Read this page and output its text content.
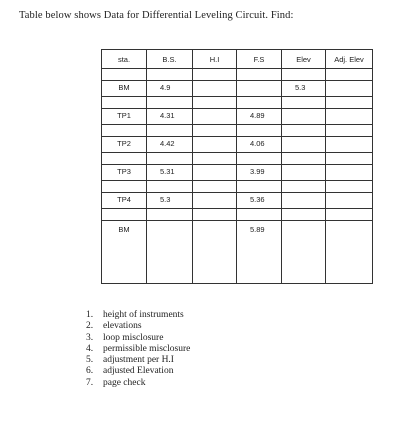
Table below shows Data for Differential Leveling Circuit. Find:
sta.	B.S.	H.I	F.S	Elev	Adj. Elev

BM	4.9			5.3	

TP1	4.31		4.89		

TP2	4.42		4.06		

TP3	5.31		3.99		

TP4	5.3		5.36		

BM			5.89		
1. height of instruments
2. elevations
3. loop misclosure
4. permissible misclosure
5. adjustment per H.I
6. adjusted Elevation
7. page check
